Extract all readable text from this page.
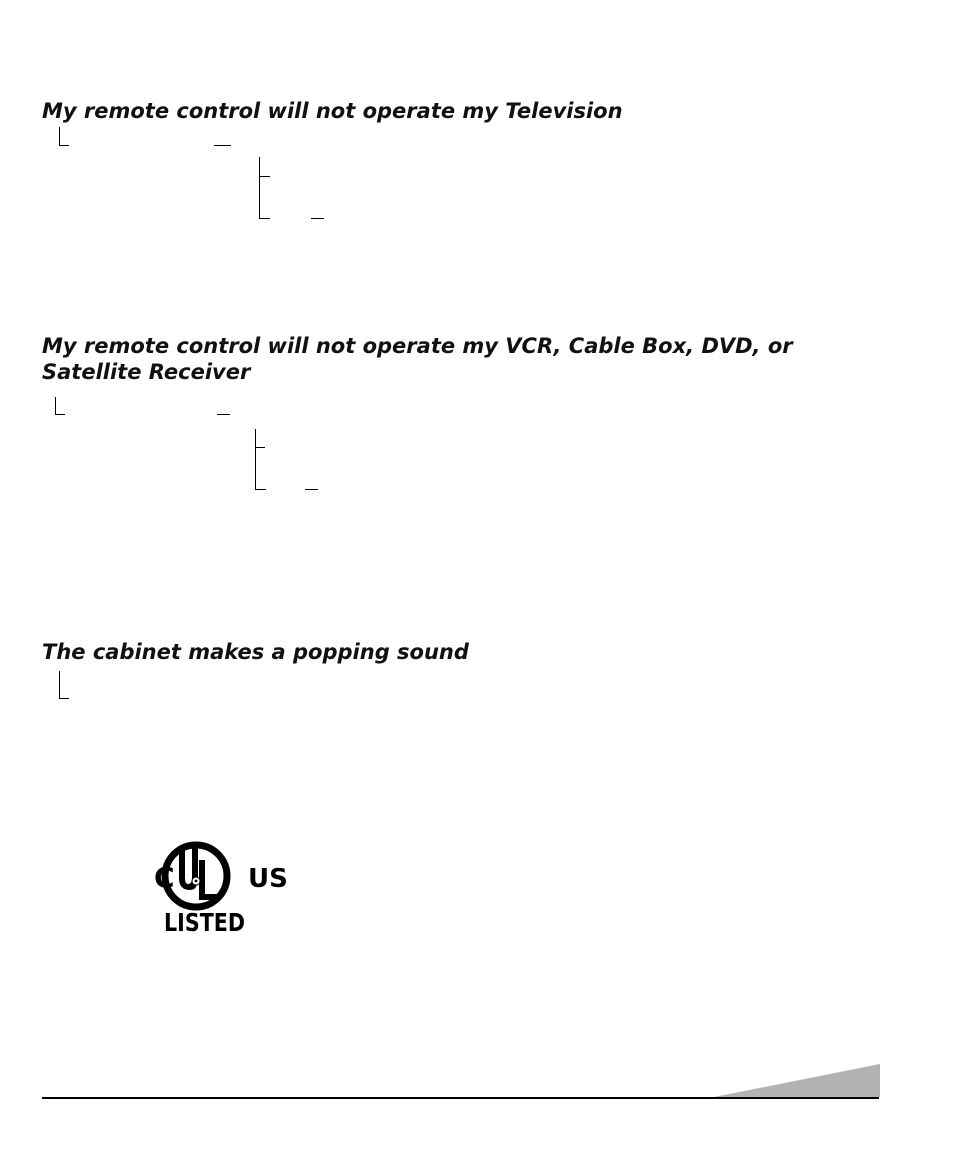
My remote control will not operate my Television
My remote control will not operate my VCR, Cable Box, DVD, or Satellite Receiver
The cabinet makes a popping sound
C	US
LISTED
